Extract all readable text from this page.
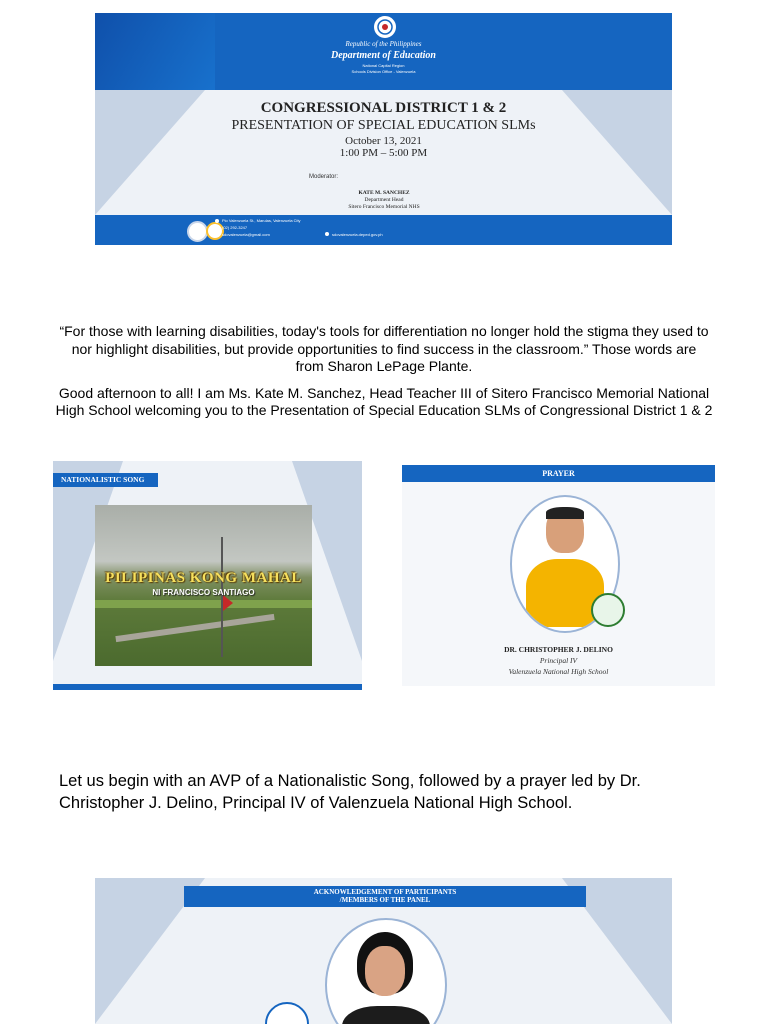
Republic of the Philippines
Department of Education
National Capital Region
Schools Division Office - Valenzuela
CONGRESSIONAL DISTRICT 1 & 2
PRESENTATION OF SPECIAL EDUCATION SLMs
October 13, 2021
1:00 PM – 5:00 PM
Moderator:
KATE M. SANCHEZ
Department Head
Sitero Francisco Memorial NHS
Pio Valenzuela St., Marulas, Valenzuela City
(02) 292-3247
sdovalenzuela@gmail.com	sdovalenzuela.deped.gov.ph
“For those with learning disabilities, today's tools for differentiation no longer hold the stigma they used to
nor highlight disabilities, but provide opportunities to find success in the classroom.” Those words are
from Sharon LePage Plante.
Good afternoon to all! I am Ms. Kate M. Sanchez, Head Teacher III of Sitero Francisco Memorial National
High School welcoming you to the Presentation of Special Education SLMs of Congressional District 1 & 2
NATIONALISTIC SONG
PILIPINAS KONG MAHAL
NI FRANCISCO SANTIAGO
PRAYER
DR. CHRISTOPHER J. DELINO
Principal IV
Valenzuela National High School
Let us begin with an AVP of a Nationalistic Song, followed by a prayer led by Dr.
Christopher J. Delino, Principal IV of Valenzuela National High School.
ACKNOWLEDGEMENT OF PARTICIPANTS
/MEMBERS OF THE PANEL
